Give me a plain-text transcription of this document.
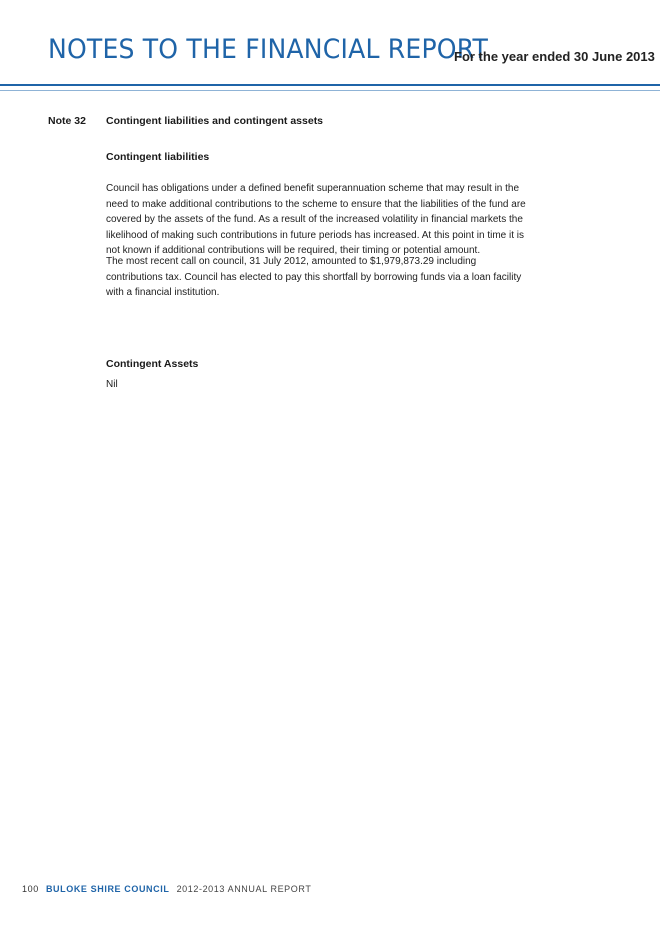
NOTES TO THE FINANCIAL REPORT
For the year ended 30 June 2013
Note 32 Contingent liabilities and contingent assets
Contingent liabilities
Council has obligations under a defined benefit superannuation scheme that may result in the need to make additional contributions to the scheme to ensure that the liabilities of the fund are covered by the assets of the fund. As a result of the increased volatility in financial markets the likelihood of making such contributions in future periods has increased. At this point in time it is not known if additional contributions will be required, their timing or potential amount.
The most recent call on council, 31 July 2012, amounted to $1,979,873.29 including contributions tax. Council has elected to pay this shortfall by borrowing funds via a loan facility with a financial institution.
Contingent Assets
Nil
100 BULOKE SHIRE COUNCIL 2012-2013 ANNUAL REPORT
